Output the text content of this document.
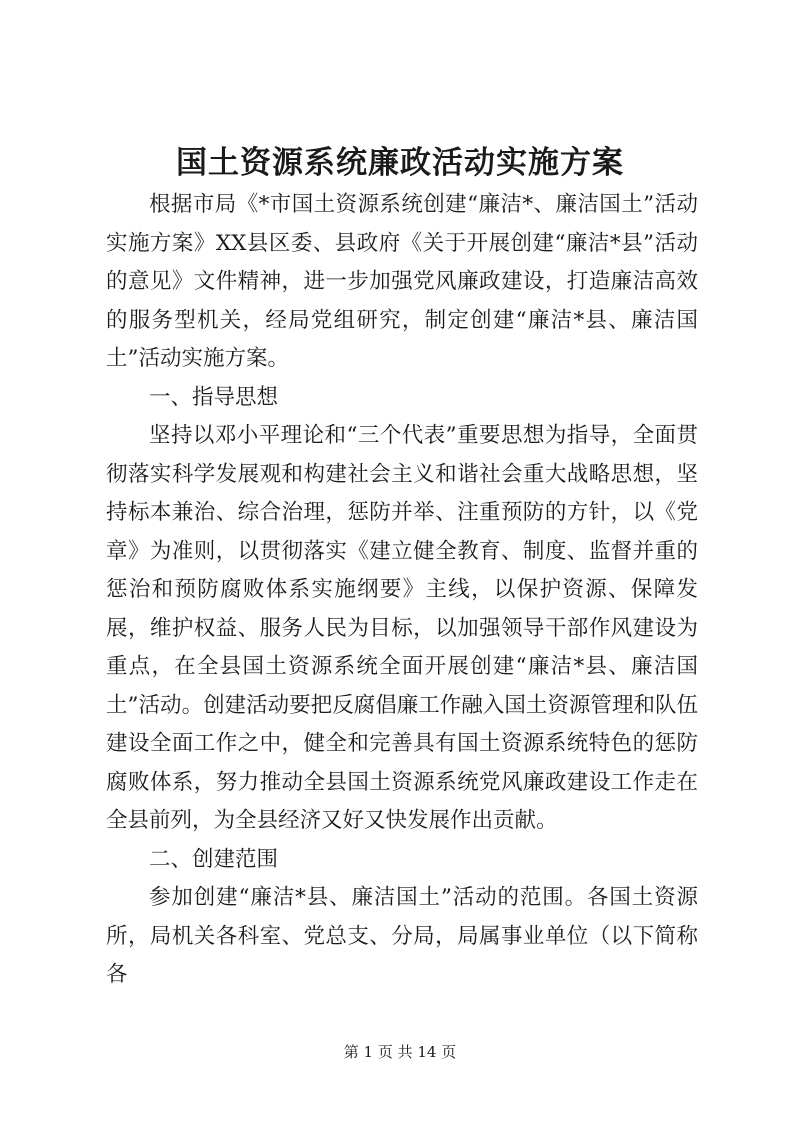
国土资源系统廉政活动实施方案

根据市局《*市国土资源系统创建“廉洁*、廉洁国土”活动实施方案》XX县区委、县政府《关于开展创建“廉洁*县”活动的意见》文件精神，进一步加强党风廉政建设，打造廉洁高效的服务型机关，经局党组研究，制定创建“廉洁*县、廉洁国土”活动实施方案。

一、指导思想

坚持以邓小平理论和“三个代表”重要思想为指导，全面贯彻落实科学发展观和构建社会主义和谐社会重大战略思想，坚持标本兼治、综合治理，惩防并举、注重预防的方针，以《党章》为准则，以贯彻落实《建立健全教育、制度、监督并重的惩治和预防腐败体系实施纲要》主线，以保护资源、保障发展，维护权益、服务人民为目标，以加强领导干部作风建设为重点，在全县国土资源系统全面开展创建“廉洁*县、廉洁国土”活动。创建活动要把反腐倡廉工作融入国土资源管理和队伍建设全面工作之中，健全和完善具有国土资源系统特色的惩防腐败体系，努力推动全县国土资源系统党风廉政建设工作走在全县前列，为全县经济又好又快发展作出贡献。

二、创建范围

参加创建“廉洁*县、廉洁国土”活动的范围。各国土资源所，局机关各科室、党总支、分局，局属事业单位（以下简称各

第 1 页 共 14 页
